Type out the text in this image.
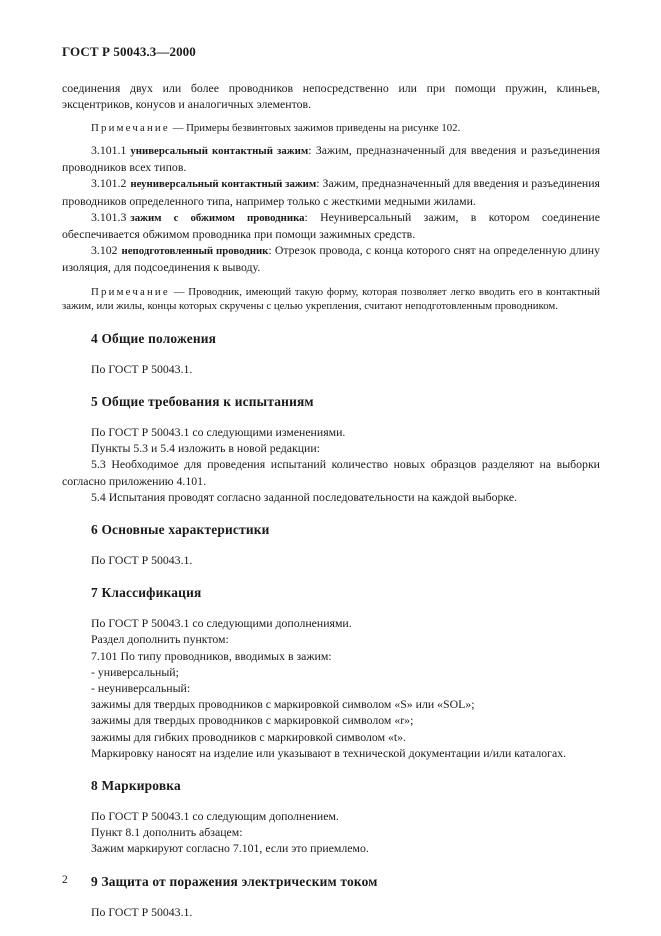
ГОСТ Р 50043.3—2000

соединения двух или более проводников непосредственно или при помощи пружин, клиньев, эксцентриков, конусов и аналогичных элементов.

Примечание — Примеры безвинтовых зажимов приведены на рисунке 102.

3.101.1 универсальный контактный зажим: Зажим, предназначенный для введения и разъединения проводников всех типов.

3.101.2 неуниверсальный контактный зажим: Зажим, предназначенный для введения и разъединения проводников определенного типа, например только с жесткими медными жилами.

3.101.3 зажим с обжимом проводника: Неуниверсальный зажим, в котором соединение обеспечивается обжимом проводника при помощи зажимных средств.

3.102 неподготовленный проводник: Отрезок провода, с конца которого снят на определенную длину изоляция, для подсоединения к выводу.

Примечание — Проводник, имеющий такую форму, которая позволяет легко вводить его в контактный зажим, или жилы, концы которых скручены с целью укрепления, считают неподготовленным проводником.

4 Общие положения

По ГОСТ Р 50043.1.

5 Общие требования к испытаниям

По ГОСТ Р 50043.1 со следующими изменениями.

Пункты 5.3 и 5.4 изложить в новой редакции:

5.3 Необходимое для проведения испытаний количество новых образцов разделяют на выборки согласно приложению 4.101.

5.4 Испытания проводят согласно заданной последовательности на каждой выборке.

6 Основные характеристики

По ГОСТ Р 50043.1.

7 Классификация

По ГОСТ Р 50043.1 со следующими дополнениями.

Раздел дополнить пунктом:

7.101 По типу проводников, вводимых в зажим:

- универсальный;

- неуниверсальный:

зажимы для твердых проводников с маркировкой символом «S» или «SOL»;

зажимы для твердых проводников с маркировкой символом «r»;

зажимы для гибких проводников с маркировкой символом «t».

Маркировку наносят на изделие или указывают в технической документации и/или каталогах.

8 Маркировка

По ГОСТ Р 50043.1 со следующим дополнением.

Пункт 8.1 дополнить абзацем:

Зажим маркируют согласно 7.101, если это приемлемо.

9 Защита от поражения электрическим током

По ГОСТ Р 50043.1.

2
